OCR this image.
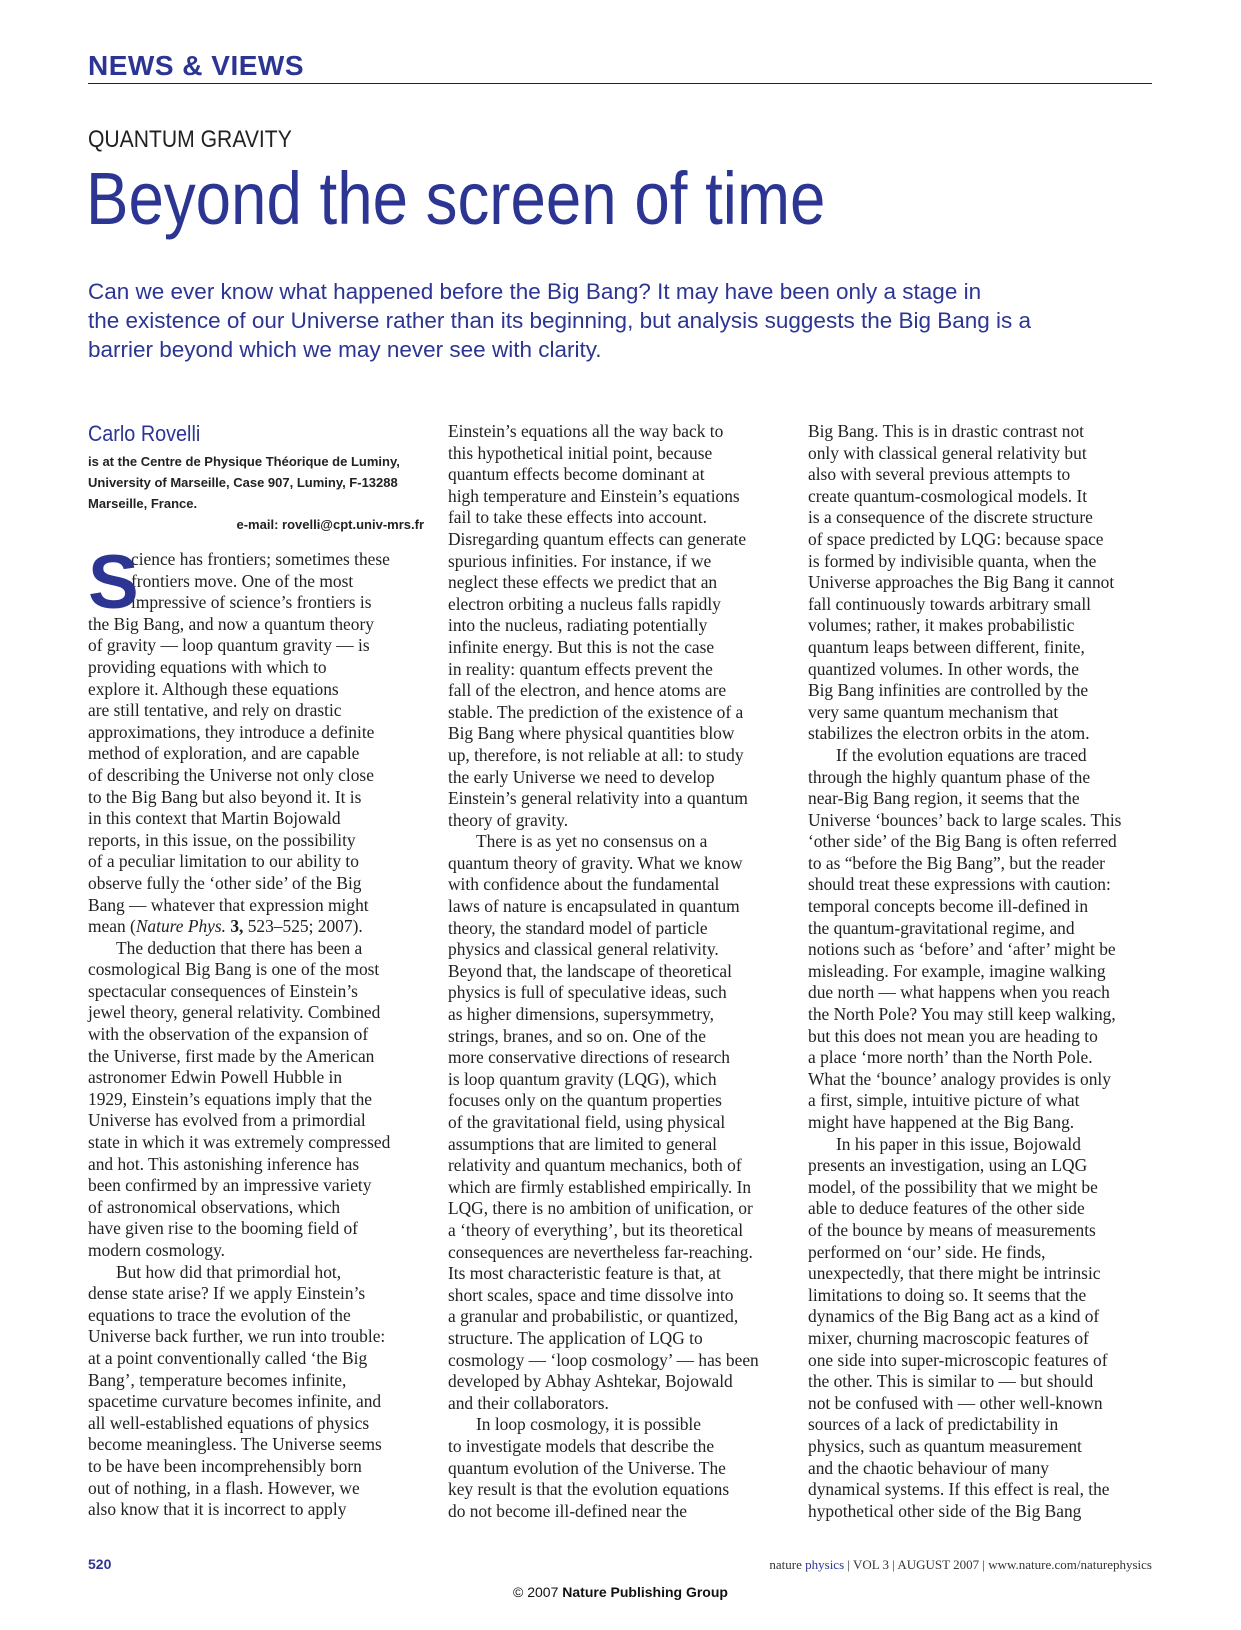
NEWS & VIEWS
QUANTUM GRAVITY
Beyond the screen of time
Can we ever know what happened before the Big Bang? It may have been only a stage in
the existence of our Universe rather than its beginning, but analysis suggests the Big Bang is a
barrier beyond which we may never see with clarity.
Carlo Rovelli
is at the Centre de Physique Théorique de Luminy,
University of Marseille, Case 907, Luminy, F-13288
Marseille, France.
e-mail: rovelli@cpt.univ-mrs.fr
S
cience has frontiers; sometimes these
frontiers move. One of the most
impressive of science’s frontiers is
the Big Bang, and now a quantum theory
of gravity — loop quantum gravity — is
providing equations with which to
explore it. Although these equations
are still tentative, and rely on drastic
approximations, they introduce a definite
method of exploration, and are capable
of describing the Universe not only close
to the Big Bang but also beyond it. It is
in this context that Martin Bojowald
reports, in this issue, on the possibility
of a peculiar limitation to our ability to
observe fully the ‘other side’ of the Big
Bang — whatever that expression might
mean (Nature Phys. 3, 523–525; 2007).
The deduction that there has been a
cosmological Big Bang is one of the most
spectacular consequences of Einstein’s
jewel theory, general relativity. Combined
with the observation of the expansion of
the Universe, first made by the American
astronomer Edwin Powell Hubble in
1929, Einstein’s equations imply that the
Universe has evolved from a primordial
state in which it was extremely compressed
and hot. This astonishing inference has
been confirmed by an impressive variety
of astronomical observations, which
have given rise to the booming field of
modern cosmology.
But how did that primordial hot,
dense state arise? If we apply Einstein’s
equations to trace the evolution of the
Universe back further, we run into trouble:
at a point conventionally called ‘the Big
Bang’, temperature becomes infinite,
spacetime curvature becomes infinite, and
all well-established equations of physics
become meaningless. The Universe seems
to be have been incomprehensibly born
out of nothing, in a flash. However, we
also know that it is incorrect to apply
Einstein’s equations all the way back to
this hypothetical initial point, because
quantum effects become dominant at
high temperature and Einstein’s equations
fail to take these effects into account.
Disregarding quantum effects can generate
spurious infinities. For instance, if we
neglect these effects we predict that an
electron orbiting a nucleus falls rapidly
into the nucleus, radiating potentially
infinite energy. But this is not the case
in reality: quantum effects prevent the
fall of the electron, and hence atoms are
stable. The prediction of the existence of a
Big Bang where physical quantities blow
up, therefore, is not reliable at all: to study
the early Universe we need to develop
Einstein’s general relativity into a quantum
theory of gravity.
There is as yet no consensus on a
quantum theory of gravity. What we know
with confidence about the fundamental
laws of nature is encapsulated in quantum
theory, the standard model of particle
physics and classical general relativity.
Beyond that, the landscape of theoretical
physics is full of speculative ideas, such
as higher dimensions, supersymmetry,
strings, branes, and so on. One of the
more conservative directions of research
is loop quantum gravity (LQG), which
focuses only on the quantum properties
of the gravitational field, using physical
assumptions that are limited to general
relativity and quantum mechanics, both of
which are firmly established empirically. In
LQG, there is no ambition of unification, or
a ‘theory of everything’, but its theoretical
consequences are nevertheless far-reaching.
Its most characteristic feature is that, at
short scales, space and time dissolve into
a granular and probabilistic, or quantized,
structure. The application of LQG to
cosmology — ‘loop cosmology’ — has been
developed by Abhay Ashtekar, Bojowald
and their collaborators.
In loop cosmology, it is possible
to investigate models that describe the
quantum evolution of the Universe. The
key result is that the evolution equations
do not become ill-defined near the
Big Bang. This is in drastic contrast not
only with classical general relativity but
also with several previous attempts to
create quantum-cosmological models. It
is a consequence of the discrete structure
of space predicted by LQG: because space
is formed by indivisible quanta, when the
Universe approaches the Big Bang it cannot
fall continuously towards arbitrary small
volumes; rather, it makes probabilistic
quantum leaps between different, finite,
quantized volumes. In other words, the
Big Bang infinities are controlled by the
very same quantum mechanism that
stabilizes the electron orbits in the atom.
If the evolution equations are traced
through the highly quantum phase of the
near-Big Bang region, it seems that the
Universe ‘bounces’ back to large scales. This
‘other side’ of the Big Bang is often referred
to as “before the Big Bang”, but the reader
should treat these expressions with caution:
temporal concepts become ill-defined in
the quantum-gravitational regime, and
notions such as ‘before’ and ‘after’ might be
misleading. For example, imagine walking
due north — what happens when you reach
the North Pole? You may still keep walking,
but this does not mean you are heading to
a place ‘more north’ than the North Pole.
What the ‘bounce’ analogy provides is only
a first, simple, intuitive picture of what
might have happened at the Big Bang.
In his paper in this issue, Bojowald
presents an investigation, using an LQG
model, of the possibility that we might be
able to deduce features of the other side
of the bounce by means of measurements
performed on ‘our’ side. He finds,
unexpectedly, that there might be intrinsic
limitations to doing so. It seems that the
dynamics of the Big Bang act as a kind of
mixer, churning macroscopic features of
one side into super-microscopic features of
the other. This is similar to — but should
not be confused with — other well-known
sources of a lack of predictability in
physics, such as quantum measurement
and the chaotic behaviour of many
dynamical systems. If this effect is real, the
hypothetical other side of the Big Bang
520	nature physics | VOL 3 | AUGUST 2007 | www.nature.com/naturephysics
© 2007 Nature Publishing Group
